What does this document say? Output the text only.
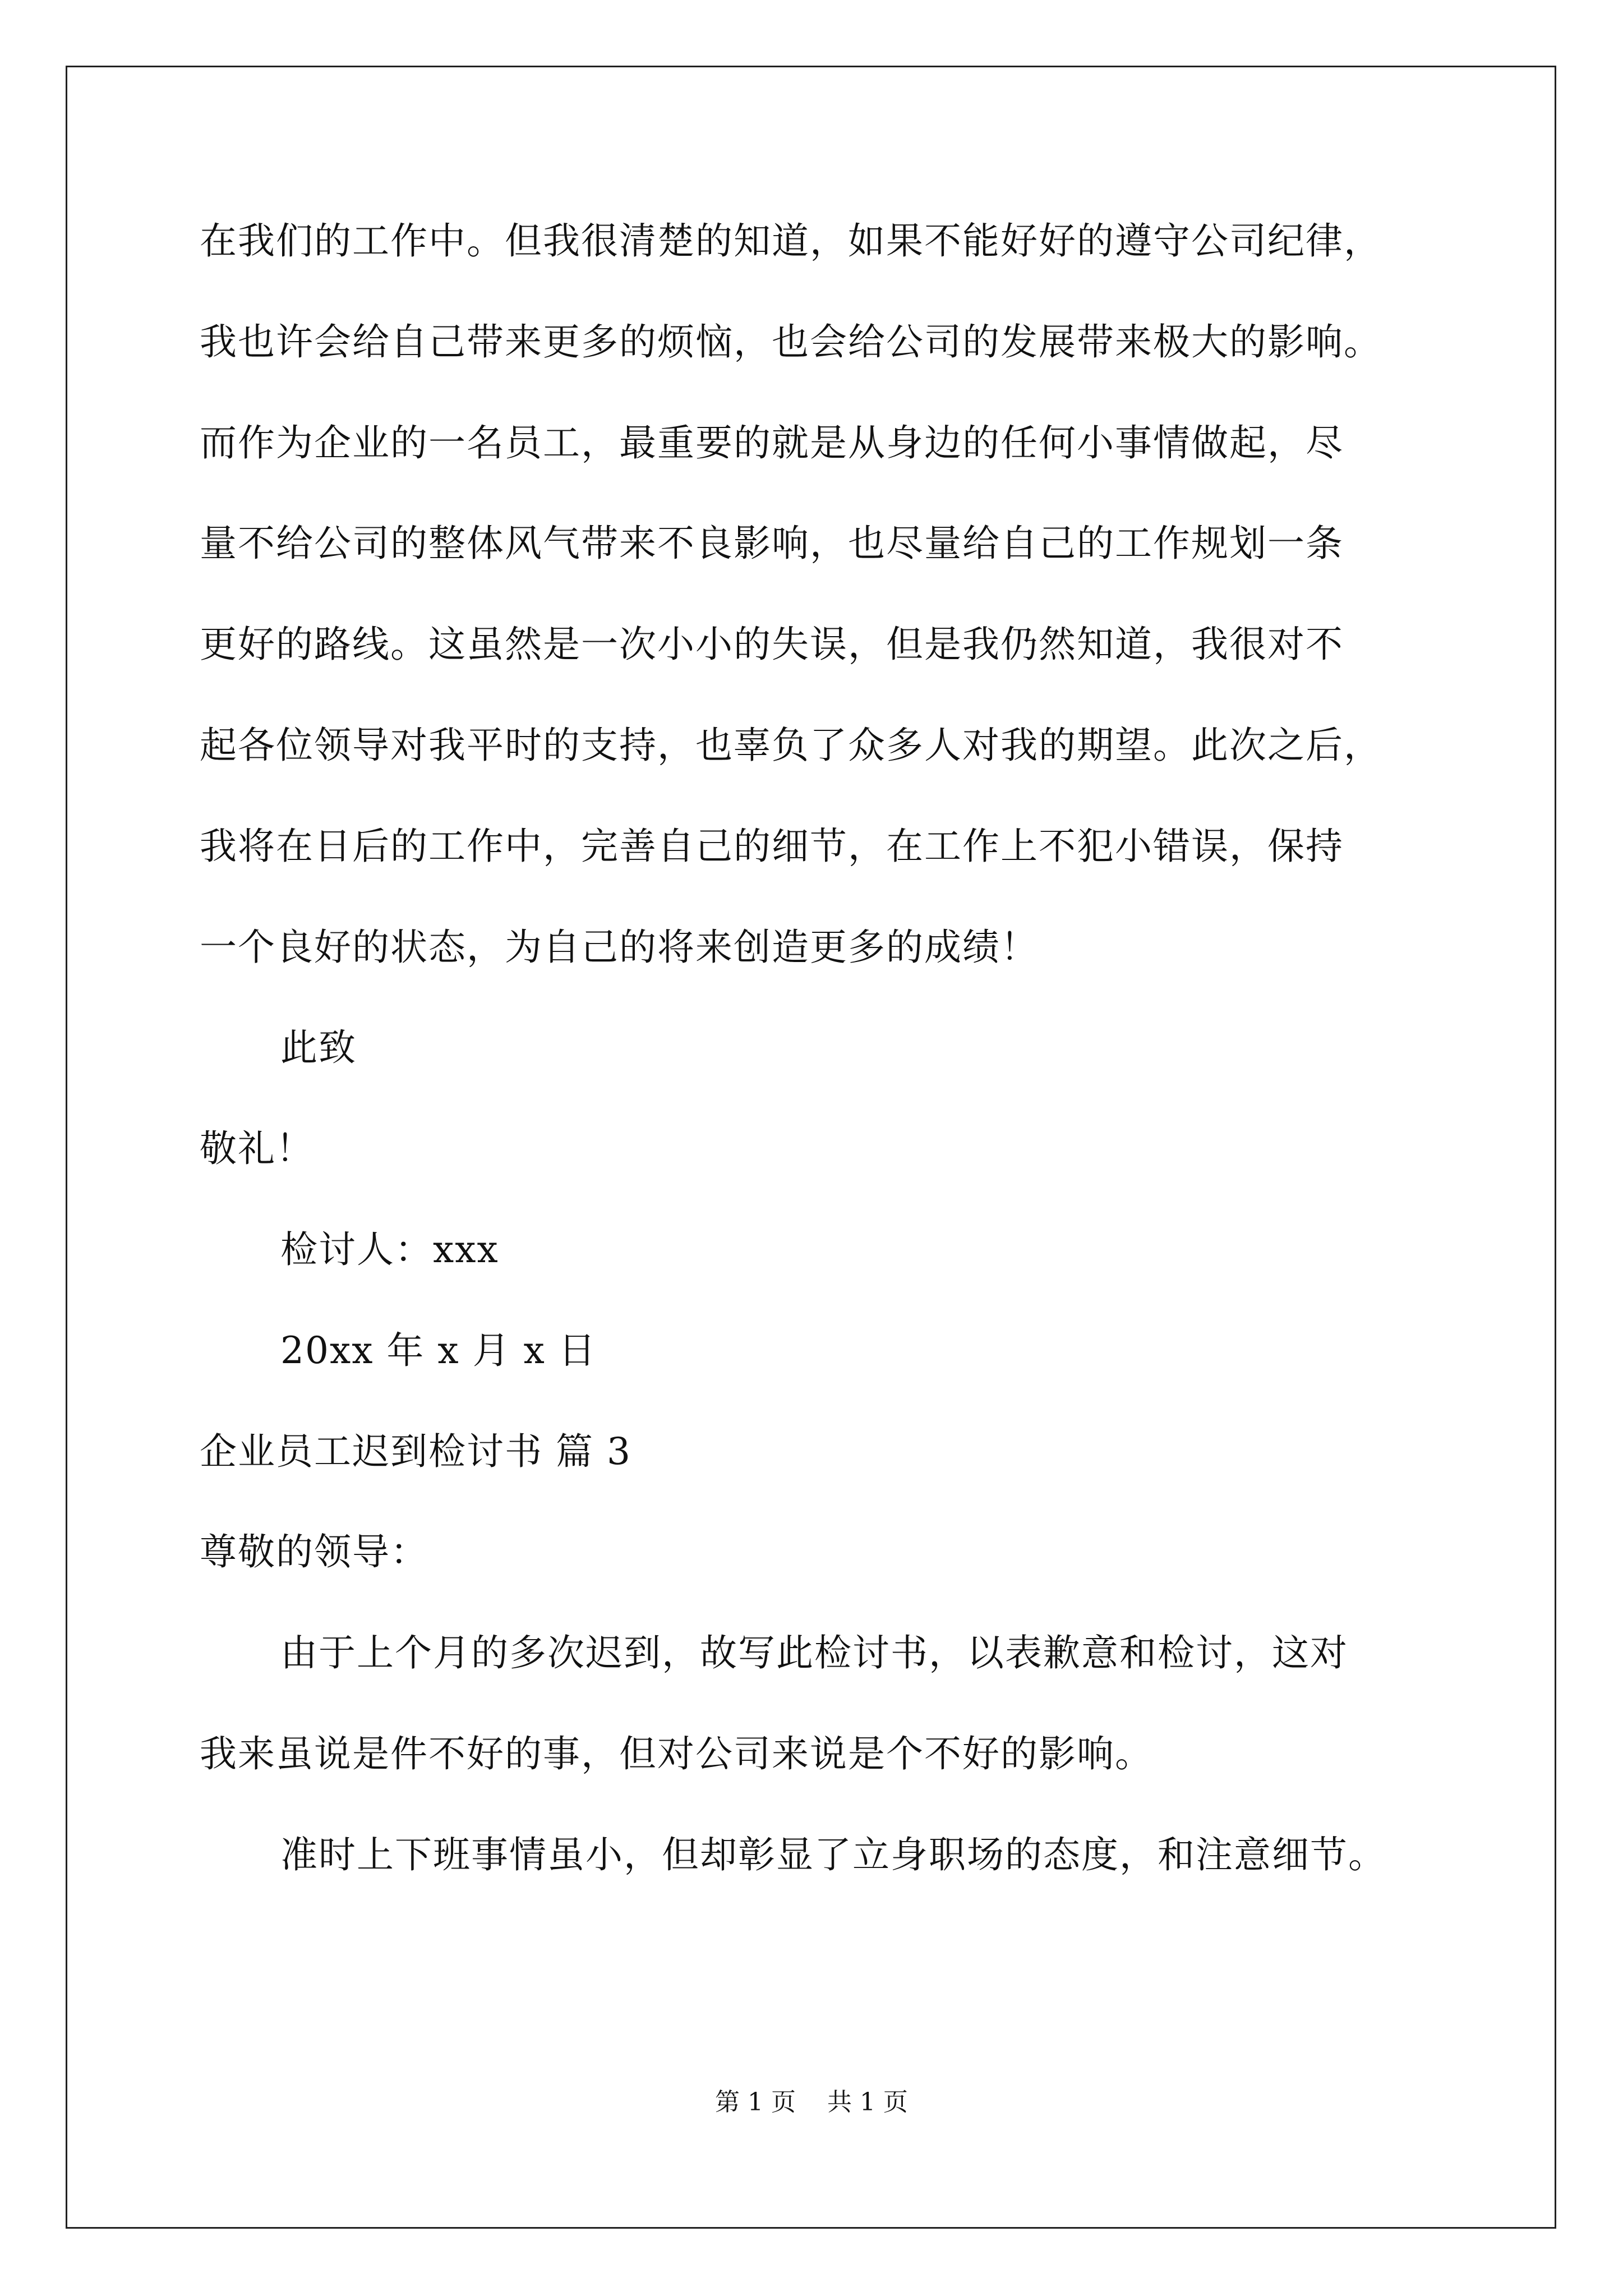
在我们的工作中。但我很清楚的知道，如果不能好好的遵守公司纪律，
我也许会给自己带来更多的烦恼，也会给公司的发展带来极大的影响。
而作为企业的一名员工，最重要的就是从身边的任何小事情做起，尽
量不给公司的整体风气带来不良影响，也尽量给自己的工作规划一条
更好的路线。这虽然是一次小小的失误，但是我仍然知道，我很对不
起各位领导对我平时的支持，也辜负了众多人对我的期望。此次之后，
我将在日后的工作中，完善自己的细节，在工作上不犯小错误，保持
一个良好的状态，为自己的将来创造更多的成绩！
此致
敬礼！
检讨人：xxx
20xx 年 x 月 x 日
企业员工迟到检讨书 篇 3
尊敬的领导：
由于上个月的多次迟到，故写此检讨书，以表歉意和检讨，这对
我来虽说是件不好的事，但对公司来说是个不好的影响。
准时上下班事情虽小，但却彰显了立身职场的态度，和注意细节。
第 1 页    共 1 页
